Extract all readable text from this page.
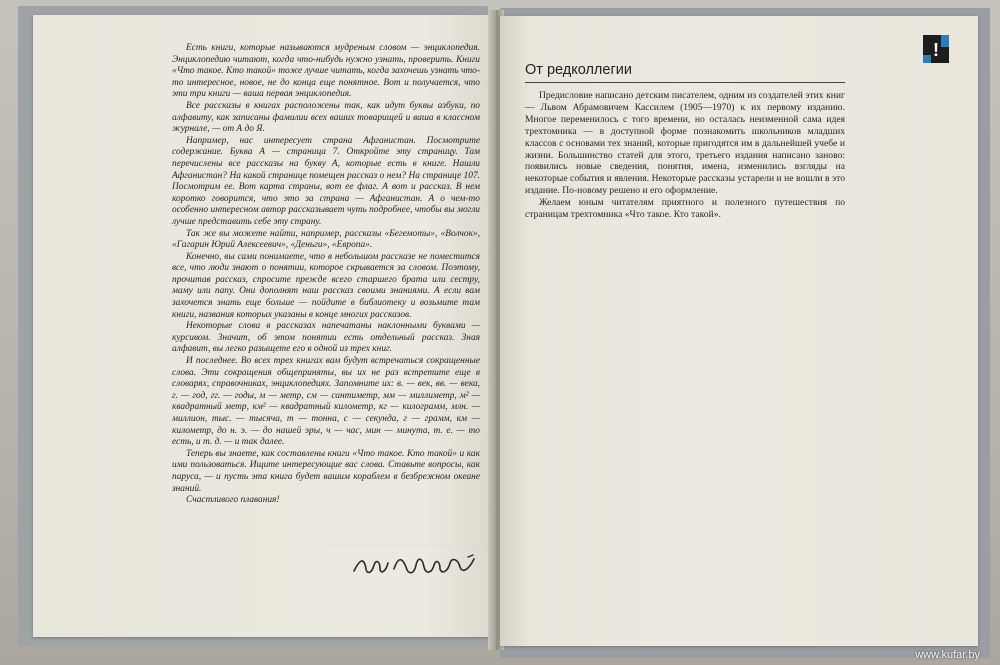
Есть книги, которые называются мудреным словом — энциклопедия. Энциклопедию читают, когда что-нибудь нужно узнать, проверить. Книги «Что такое. Кто такой» тоже лучше читать, когда захочешь узнать что-то интересное, новое, не до конца еще понятное. Вот и получается, что эти три книги — ваша первая энциклопедия.

Все рассказы в книгах расположены так, как идут буквы азбуки, по алфавиту, как записаны фамилии всех ваших товарищей и ваша в классном журнале, — от А до Я.

Например, нас интересует страна Афганистан. Посмотрите содержание. Буква А — страница 7. Откройте эту страницу. Там перечислены все рассказы на букву А, которые есть в книге. Нашли Афганистан? На какой странице помещен рассказ о нем? На странице 107. Посмотрим ее. Вот карта страны, вот ее флаг. А вот и рассказ. В нем коротко говорится, что это за страна — Афганистан. А о чем-то особенно интересном автор рассказывает чуть подробнее, чтобы вы могли лучше представить себе эту страну.

Так же вы можете найти, например, рассказы «Бегемоты», «Волчок», «Гагарин Юрий Алексеевич», «Деньги», «Европа».

Конечно, вы сами понимаете, что в небольшом рассказе не поместится все, что люди знают о понятии, которое скрывается за словом. Поэтому, прочитав рассказ, спросите прежде всего старшего брата или сестру, маму или папу. Они дополнят наш рассказ своими знаниями. А если вам захочется знать еще больше — пойдите в библиотеку и возьмите там книги, названия которых указаны в конце многих рассказов.

Некоторые слова в рассказах напечатаны наклонными буквами — курсивом. Значит, об этом понятии есть отдельный рассказ. Зная алфавит, вы легко разыщете его в одной из трех книг.

И последнее. Во всех трех книгах вам будут встречаться сокращенные слова. Эти сокращения общеприняты, вы их не раз встретите еще в словарях, справочниках, энциклопедиях. Запомните их: в. — век, вв. — века, г. — год, гг. — годы, м — метр, см — сантиметр, мм — миллиметр, м² — квадратный метр, км² — квадратный километр, кг — килограмм, млн. — миллион, тыс. — тысяча, т — тонна, с — секунда, г — грамм, км — километр, до н. э. — до нашей эры, ч — час, мин — минута, т. е. — то есть, и т. д. — и так далее.

Теперь вы знаете, как составлены книги «Что такое. Кто такой» и как ими пользоваться. Ищите интересующие вас слова. Ставьте вопросы, как паруса, — и пусть эта книга будет вашим кораблем в безбрежном океане знаний.

Счастливого плавания!

От редколлегии

Предисловие написано детским писателем, одним из создателей этих книг — Львом Абрамовичем Кассилем (1905—1970) к их первому изданию. Многое переменилось с того времени, но осталась неизменной сама идея трехтомника — в доступной форме познакомить школьников младших классов с основами тех знаний, которые пригодятся им в дальнейшей учебе и жизни. Большинство статей для этого, третьего издания написано заново: появились новые сведения, понятия, имена, изменились взгляды на некоторые события и явления. Некоторые рассказы устарели и не вошли в это издание. По-новому решено и его оформление.

Желаем юным читателям приятного и полезного путешествия по страницам трехтомника «Что такое. Кто такой».

!
www.kufar.by
